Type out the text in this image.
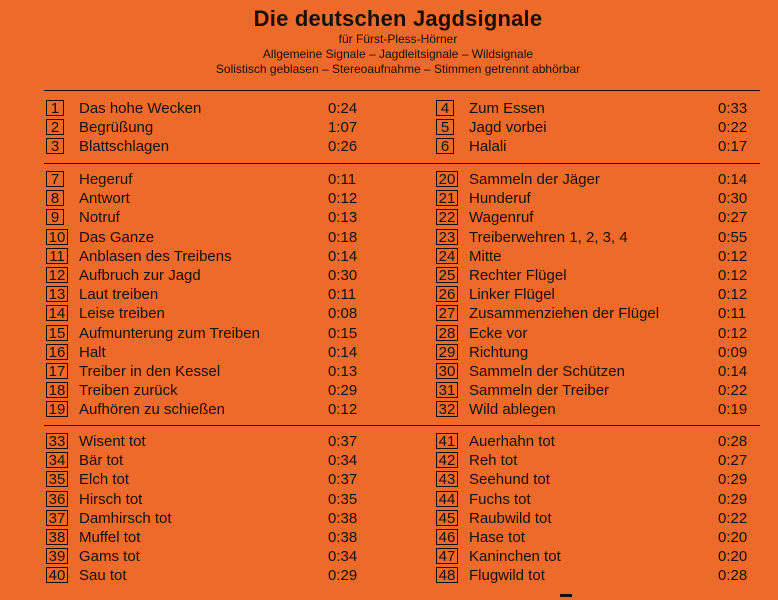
Die deutschen Jagdsignale

für Fürst-Pless-Hörner

Allgemeine Signale – Jagdleitsignale – Wildsignale

Solistisch geblasen – Stereoaufnahme – Stimmen getrennt abhörbar

1	Das hohe Wecken	0:24
2	Begrüßung	1:07
3	Blattschlagen	0:26
4	Zum Essen	0:33
5	Jagd vorbei	0:22
6	Halali	0:17
7	Hegeruf	0:11
8	Antwort	0:12
9	Notruf	0:13
10 Das Ganze	0:18
11 Anblasen des Treibens	0:14
12 Aufbruch zur Jagd	0:30
13 Laut treiben	0:11
14 Leise treiben	0:08
15 Aufmunterung zum Treiben	0:15
16 Halt	0:14
17 Treiber in den Kessel	0:13
18 Treiben zurück	0:29
19 Aufhören zu schießen	0:12
20 Sammeln der Jäger	0:14
21 Hunderuf	0:30
22 Wagenruf	0:27
23 Treiberwehren 1, 2, 3, 4	0:55
24 Mitte	0:12
25 Rechter Flügel	0:12
26 Linker Flügel	0:12
27 Zusammenziehen der Flügel	0:11
28 Ecke vor	0:12
29 Richtung	0:09
30 Sammeln der Schützen	0:14
31 Sammeln der Treiber	0:22
32 Wild ablegen	0:19
33 Wisent tot	0:37
34 Bär tot	0:34
35 Elch tot	0:37
36 Hirsch tot	0:35
37 Damhirsch tot	0:38
38 Muffel tot	0:38
39 Gams tot	0:34
40 Sau tot	0:29
41 Auerhahn tot	0:28
42 Reh tot	0:27
43 Seehund tot	0:29
44 Fuchs tot	0:29
45 Raubwild tot	0:22
46 Hase tot	0:20
47 Kaninchen tot	0:20
48 Flugwild tot	0:28
